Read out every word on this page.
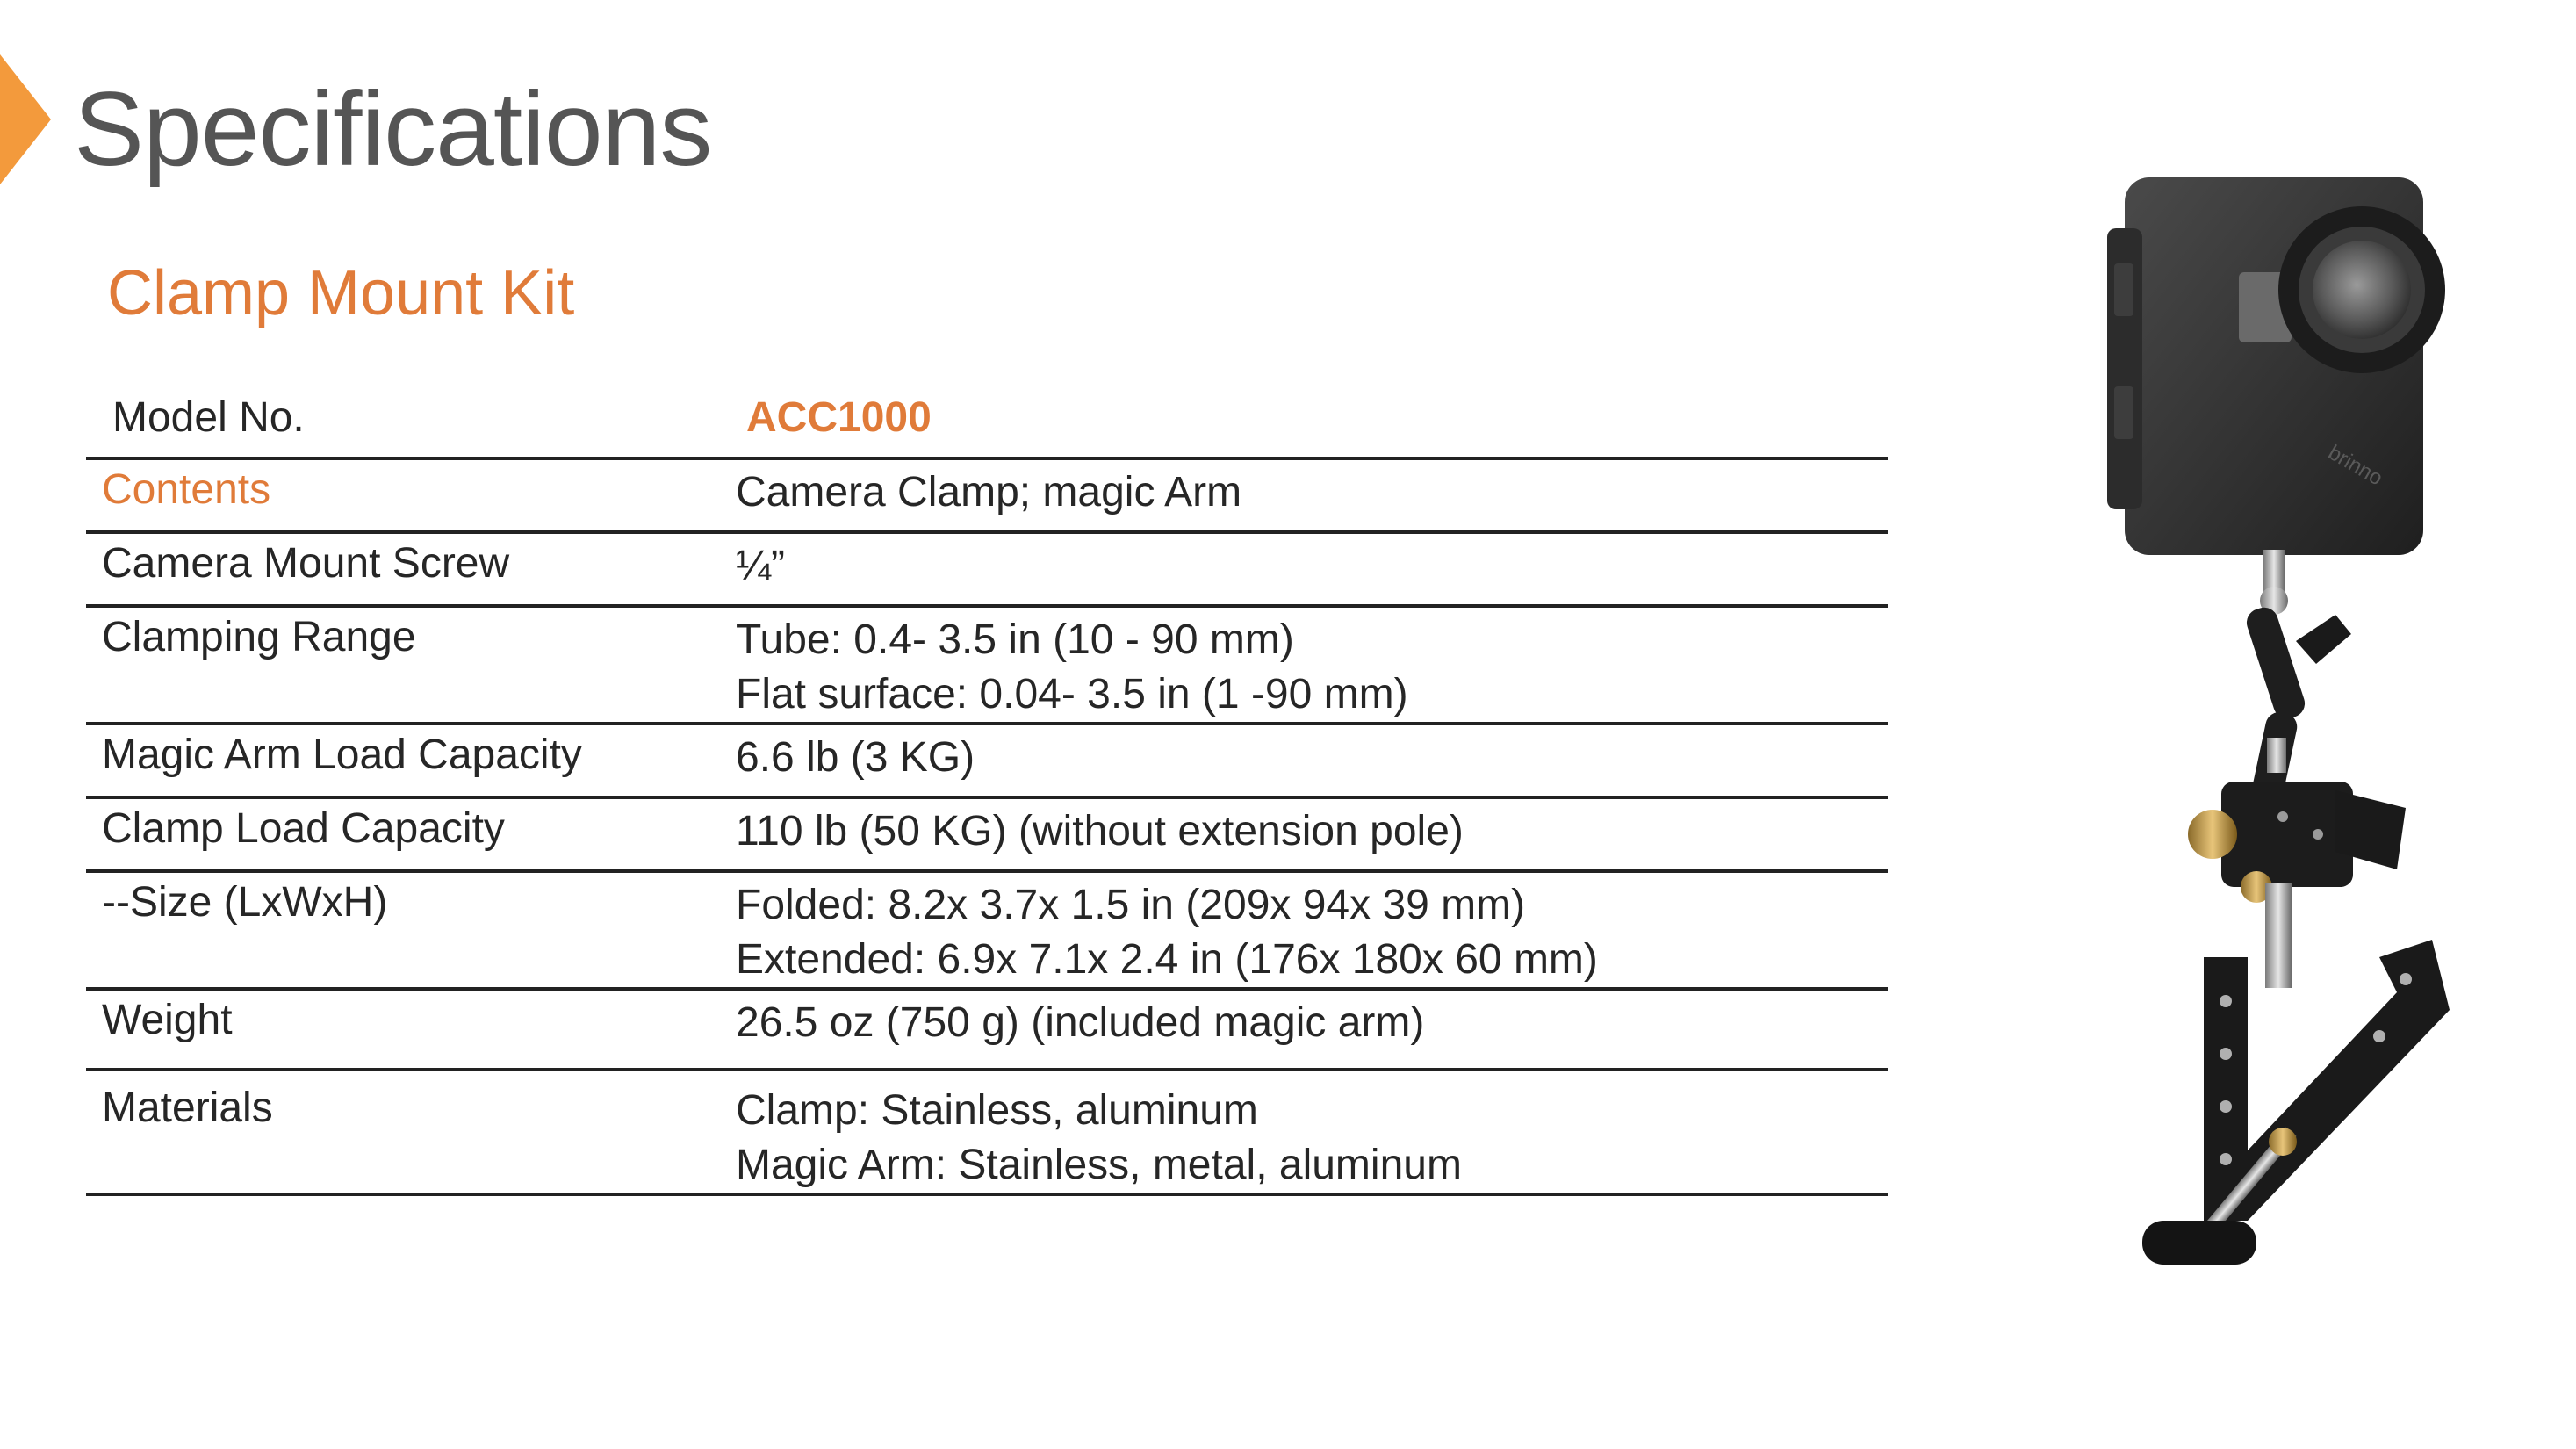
Specifications
Clamp Mount Kit
Model No.	ACC1000
Contents	Camera Clamp; magic Arm

Camera Mount Screw	¼”

Clamping Range	Tube: 0.4- 3.5 in (10 - 90 mm)
Flat surface: 0.04- 3.5 in (1 -90 mm)

Magic Arm Load Capacity	6.6 lb (3 KG)

Clamp Load Capacity	110 lb (50 KG) (without extension pole)

--Size (LxWxH)	Folded: 8.2x 3.7x 1.5 in (209x 94x 39 mm)
Extended: 6.9x 7.1x 2.4 in (176x 180x 60 mm)

Weight	26.5 oz (750 g) (included magic arm)

Materials	Clamp: Stainless, aluminum
Magic Arm: Stainless, metal, aluminum
brinno
